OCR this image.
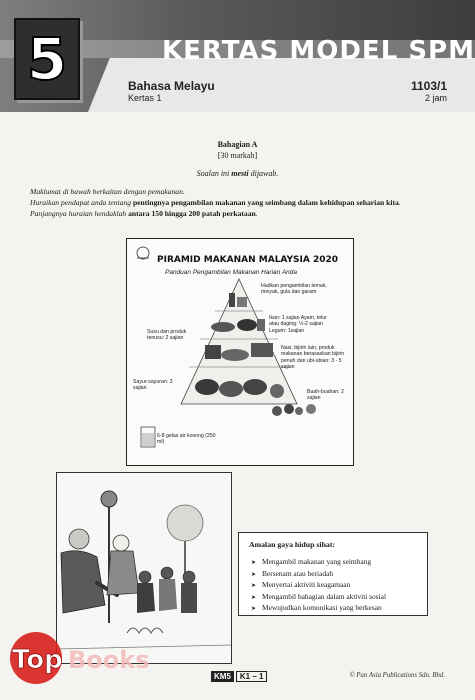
5	KERTAS MODEL SPM
Bahasa Melayu
Kertas 1
1103/1
2 jam
Bahagian A
[30 markah]
Soalan ini mesti dijawab.
Maklumat di bawah berkaitan dengan pemakanan.
Huraikan pendapat anda tentang pentingnya pengambilan makanan yang seimbang dalam kehidupan seharian kita.
Panjangnya huraian hendaklah antara 150 hingga 200 patah perkataan.
PIRAMID MAKANAN MALAYSIA 2020
Panduan Pengambilan Makanan Harian Anda
Hadkan pengambilan lemak, minyak, gula dan garam
Ikan: 1 sajian Ayam, telur atau daging: ½-2 sajian Legum: 1sajian
Susu dan produk tenusu: 2 sajian
Nasi, bijirin lain, produk makanan berasaskan bijirin penuh dan ubi-ubian: 3 - 5 sajian
Sayur-sayuran: 3 sajian
Buah-buahan: 2 sajian
6-8 gelas air kosong (250 ml)
Amalan gaya hidup sihat:
➤ Mengambil makanan yang seimbang
➤ Bersenam atau beriadah
➤ Menyertai aktiviti keagamaan
➤ Mengambil bahagian dalam aktiviti sosial
➤ Mewujudkan komunikasi yang berkesan
Top Books
KM5 K1 – 1	© Pan Asia Publications Sdn. Bhd.
